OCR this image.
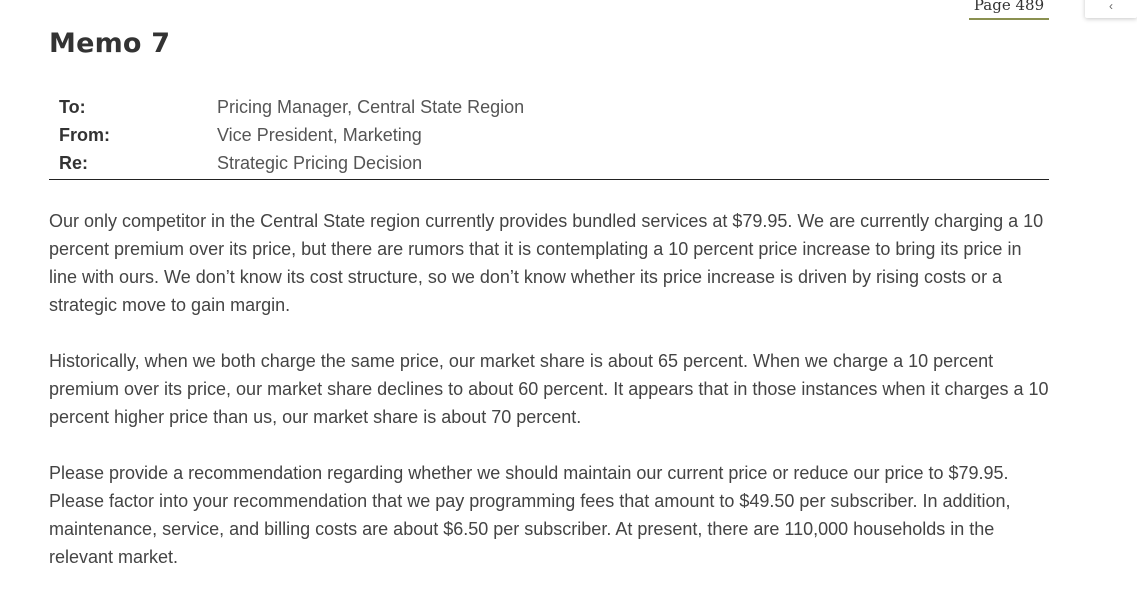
Page 489	‹
Memo 7
To:	Pricing Manager, Central State Region
From:	Vice President, Marketing
Re:	Strategic Pricing Decision

Our only competitor in the Central State region currently provides bundled services at $79.95. We are currently charging a 10 percent premium over its price, but there are rumors that it is contemplating a 10 percent price increase to bring its price in line with ours. We don’t know its cost structure, so we don’t know whether its price increase is driven by rising costs or a strategic move to gain margin.

Historically, when we both charge the same price, our market share is about 65 percent. When we charge a 10 percent premium over its price, our market share declines to about 60 percent. It appears that in those instances when it charges a 10 percent higher price than us, our market share is about 70 percent.

Please provide a recommendation regarding whether we should maintain our current price or reduce our price to $79.95. Please factor into your recommendation that we pay programming fees that amount to $49.50 per subscriber. In addition, maintenance, service, and billing costs are about $6.50 per subscriber. At present, there are 110,000 households in the relevant market.
